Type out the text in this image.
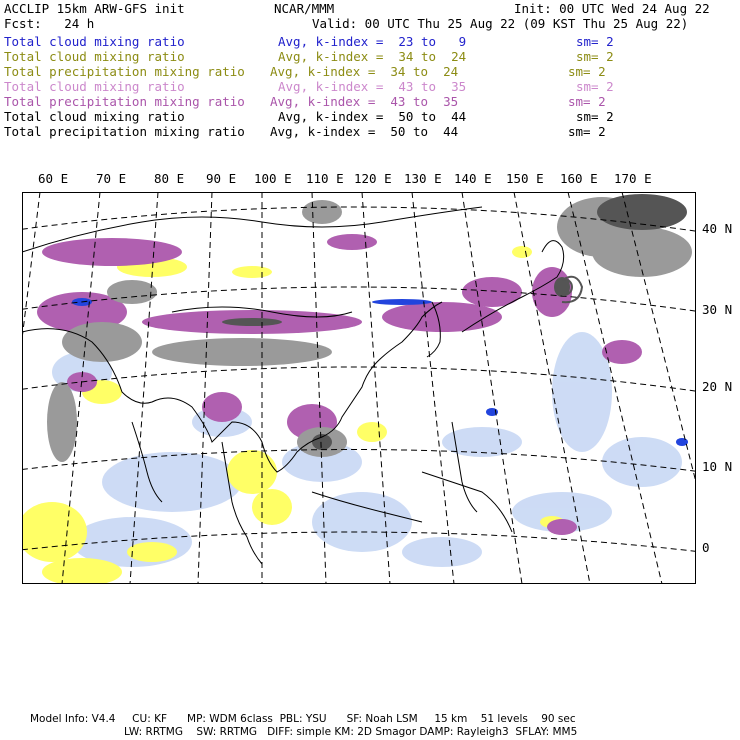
ACCLIP 15km ARW-GFS init	NCAR/MMM	Init: 00 UTC Wed 24 Aug 22
Fcst:   24 h	Valid: 00 UTC Thu 25 Aug 22 (09 KST Thu 25 Aug 22)
Total cloud mixing ratio	Avg, k-index =  23 to   9	sm= 2
Total cloud mixing ratio	Avg, k-index =  34 to  24	sm= 2
Total precipitation mixing ratio Avg, k-index =  34 to  24	sm= 2
Total cloud mixing ratio	Avg, k-index =  43 to  35	sm= 2
Total precipitation mixing ratio Avg, k-index =  43 to  35	sm= 2
Total cloud mixing ratio	Avg, k-index =  50 to  44	sm= 2
Total precipitation mixing ratio Avg, k-index =  50 to  44	sm= 2
60 E 70 E 80 E 90 E 100 E 110 E 120 E 130 E 140 E 150 E 160 E 170 E
40 N
30 N
20 N
10 N
0
Model Info: V4.4     CU: KF      MP: WDM 6class  PBL: YSU      SF: Noah LSM     15 km    51 levels    90 sec
LW: RRTMG    SW: RRTMG   DIFF: simple KM: 2D Smagor DAMP: Rayleigh3  SFLAY: MM5
